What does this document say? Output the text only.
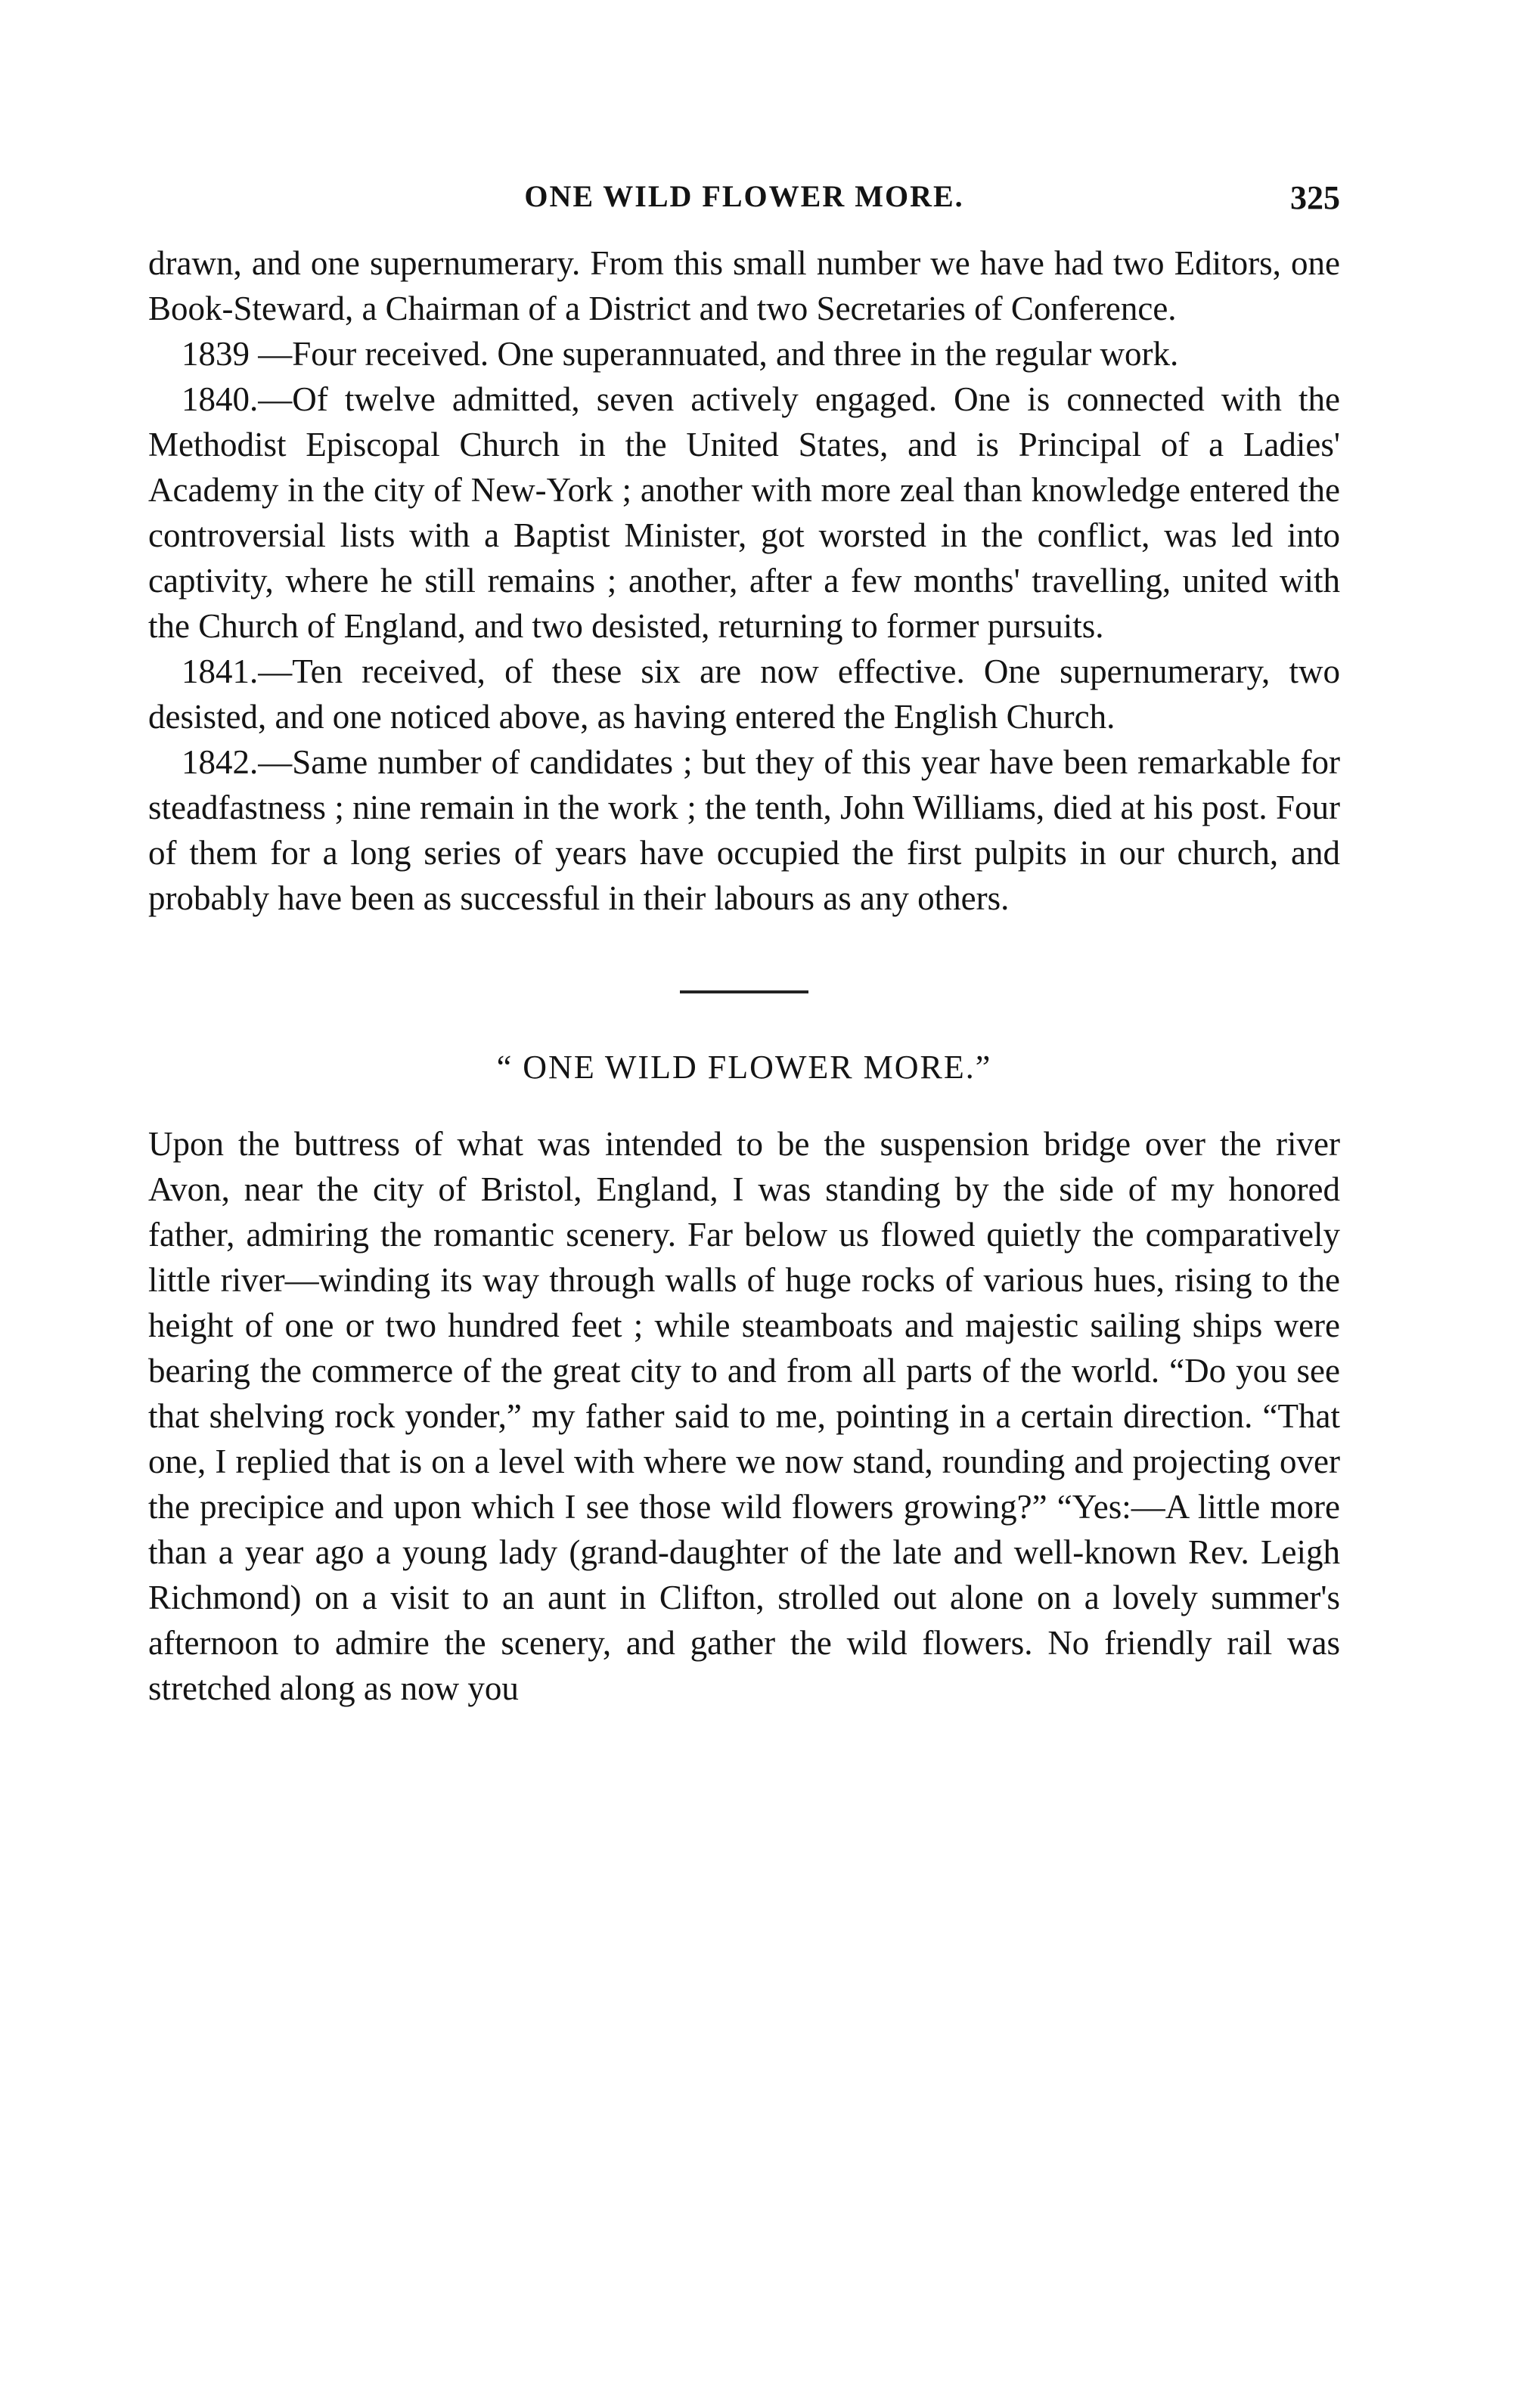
ONE WILD FLOWER MORE.	325

drawn, and one supernumerary. From this small number we have had two Editors, one Book-Steward, a Chairman of a District and two Secretaries of Conference.

1839 —Four received. One superannuated, and three in the regular work.

1840.—Of twelve admitted, seven actively engaged. One is connected with the Methodist Episcopal Church in the United States, and is Principal of a Ladies' Academy in the city of New-York ; another with more zeal than knowledge entered the controversial lists with a Baptist Minister, got worsted in the conflict, was led into captivity, where he still remains ; another, after a few months' travelling, united with the Church of England, and two desisted, returning to former pursuits.

1841.—Ten received, of these six are now effective. One supernumerary, two desisted, and one noticed above, as having entered the English Church.

1842.—Same number of candidates ; but they of this year have been remarkable for steadfastness ; nine remain in the work ; the tenth, John Williams, died at his post. Four of them for a long series of years have occupied the first pulpits in our church, and probably have been as successful in their labours as any others.

“ ONE WILD FLOWER MORE.”

Upon the buttress of what was intended to be the suspension bridge over the river Avon, near the city of Bristol, England, I was standing by the side of my honored father, admiring the romantic scenery. Far below us flowed quietly the comparatively little river—winding its way through walls of huge rocks of various hues, rising to the height of one or two hundred feet ; while steamboats and majestic sailing ships were bearing the commerce of the great city to and from all parts of the world. “Do you see that shelving rock yonder,” my father said to me, pointing in a certain direction. “That one, I replied that is on a level with where we now stand, rounding and projecting over the precipice and upon which I see those wild flowers growing?” “Yes:—A little more than a year ago a young lady (grand-daughter of the late and well-known Rev. Leigh Richmond) on a visit to an aunt in Clifton, strolled out alone on a lovely summer's afternoon to admire the scenery, and gather the wild flowers. No friendly rail was stretched along as now you
